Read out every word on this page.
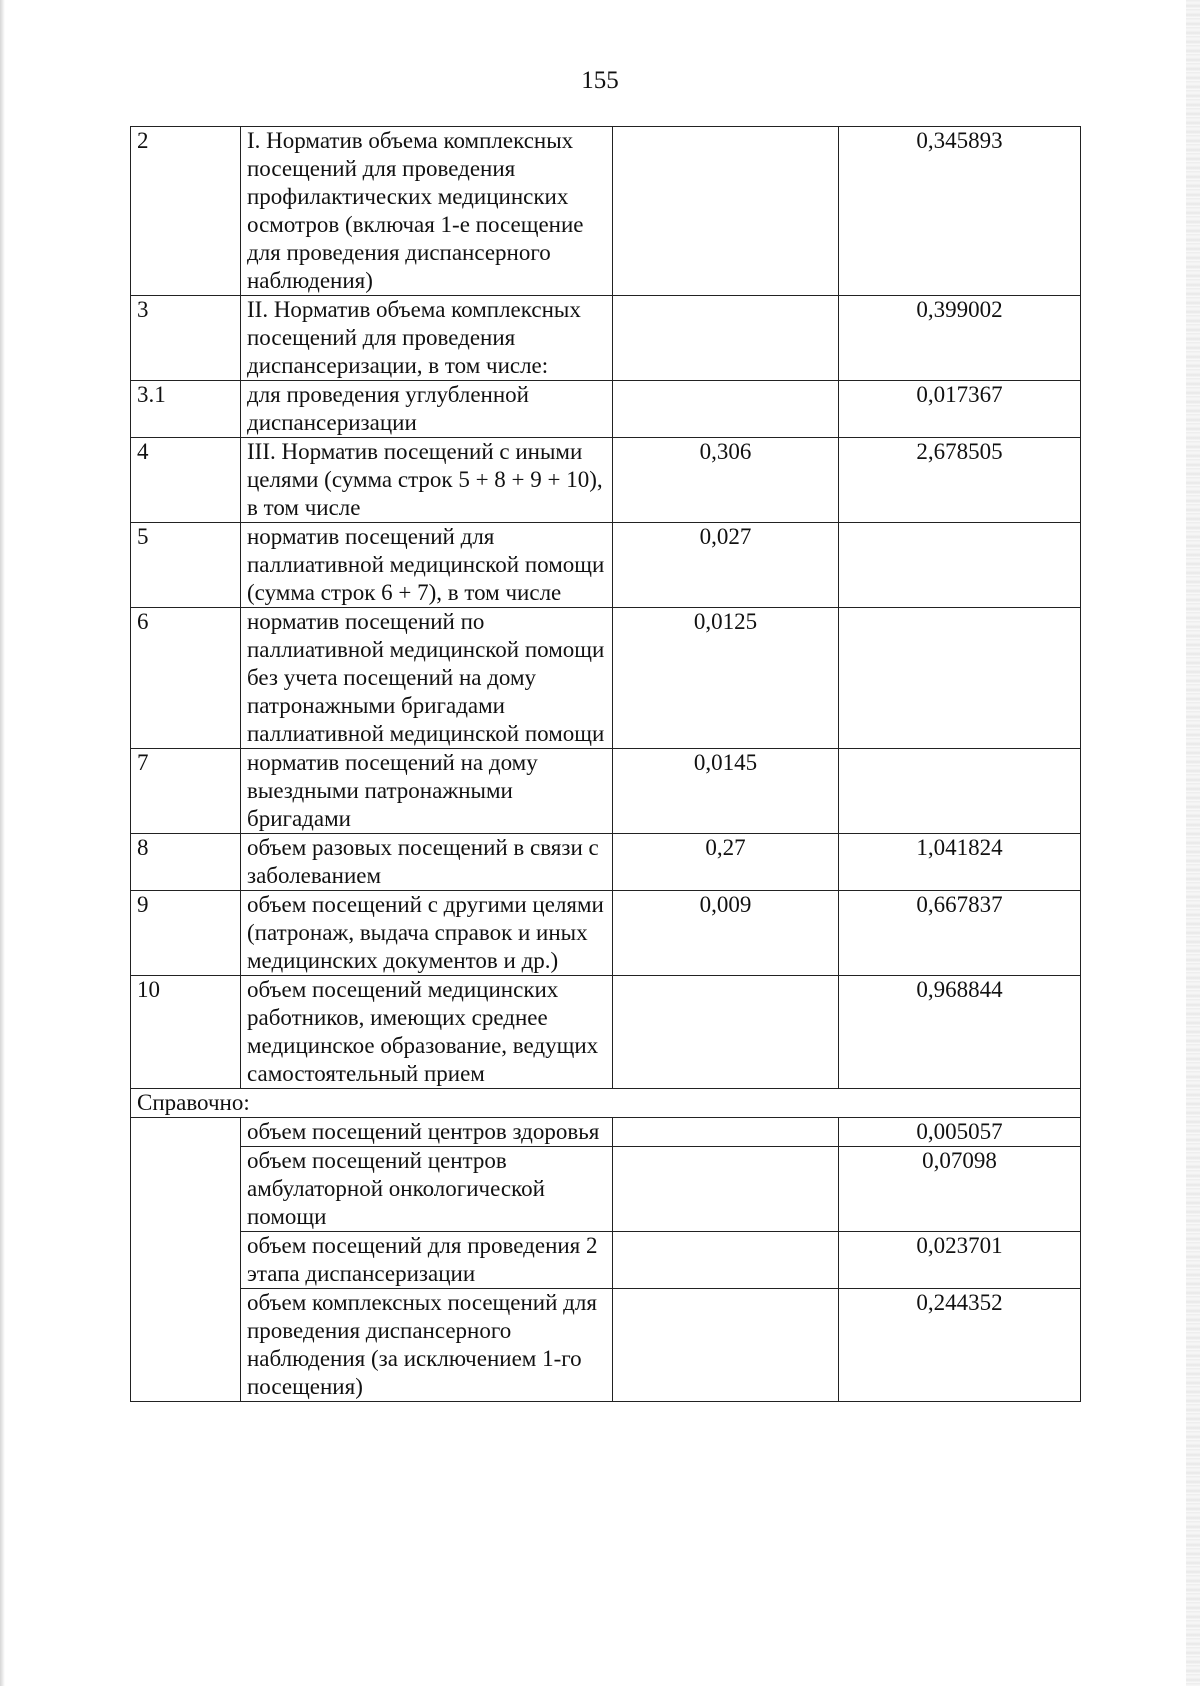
155
2	I. Норматив объема комплексных посещений для проведения профилактических медицинских осмотров (включая 1-е посещение для проведения диспансерного наблюдения)		0,345893
3	II. Норматив объема комплексных посещений для проведения диспансеризации, в том числе:		0,399002
3.1	для проведения углубленной диспансеризации		0,017367
4	III. Норматив посещений с иными целями (сумма строк 5 + 8 + 9 + 10), в том числе	0,306	2,678505
5	норматив посещений для паллиативной медицинской помощи (сумма строк 6 + 7), в том числе	0,027	
6	норматив посещений по паллиативной медицинской помощи без учета посещений на дому патронажными бригадами паллиативной медицинской помощи	0,0125	
7	норматив посещений на дому выездными патронажными бригадами	0,0145	
8	объем разовых посещений в связи с заболеванием	0,27	1,041824
9	объем посещений с другими целями (патронаж, выдача справок и иных медицинских документов и др.)	0,009	0,667837
10	объем посещений медицинских работников, имеющих среднее медицинское образование, ведущих самостоятельный прием		0,968844
Справочно:			
	объем посещений центров здоровья		0,005057
	объем посещений центров амбулаторной онкологической помощи		0,07098
	объем посещений для проведения 2 этапа диспансеризации		0,023701
	объем комплексных посещений для проведения диспансерного наблюдения (за исключением 1-го посещения)		0,244352
